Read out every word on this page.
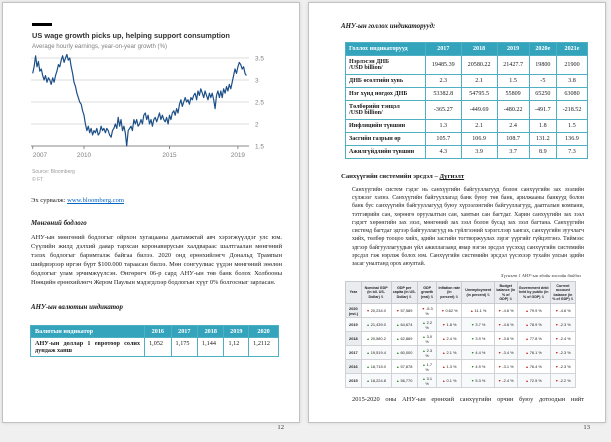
US wage growth picks up, helping support consumption
Average hourly earnings, year-on-year growth (%)
3.5
3
2.5
2
1.5
2007	2010	2015	2019
Source: Bloomberg
© FT
Эх сурвалж: www.bloomberg.com
Мөнгөний бодлого

АНУ-ын мөнгөний бодлогыг ойрхон хугацааны даатамжтай авч хэрэгжүүлдэг улс юм. Сүүлийн жилд дэлхий даяар тархсан коронавирусын халдвараас шалтгаалан мөнгөний тэлэх бодлогыг баримталж байгаа билээ. 2020 онд ерөнхийлөгч Дональд Трампын шийдвэрээр иргэн бүрт $100.000 тараасан билээ. Мөн сонгуулиас үүдэн мөнгөний зөөлөн бодлогыг улам эрчимжүүлсэн. Өнгөрөгч 06-р сард АНУ-ын төв банк болох Холбооны Нөөцийн ерөнхийлөгч Жером Паулын мэдэгдлээр бодлогын хүүг 0% болгосныг зарласан.

АНУ-ын валютын индикатор
Валютын индикатор	2016	2017	2018	2019	2020
АНУ-ын доллар 1 евротоор солих дундаж ханш	1,052	1,175	1,144	1,12	1,2112
12
АНУ-ын голлох индикаторууд:
Голлох индикаторууд	2017	2018	2019	2020e	2021e

Нэрлэсэн ДНБ
/USD billion/	19485.39	20580.22	21427.7	19800	21900

ДНБ өсөлтийн хувь	2.3	2.1	1.5	-5	3.8

Нэг хүнд ногдох ДНБ	53382.8	54795.5	55809	65250	63080

Төлбөрийн тэнцэл
/USD billion/	-365.27	-449.69	-480.22	-491.7	-218.52

Инфляцийн түвшин	1.3	2.1	2.4	1.8	1.5

Засгийн газрын өр	105.7	106.9	108.7	131.2	136.9

Ажилгүйдлийн түвшин	4.3	3.9	3.7	8.9	7.3
Санхүүгийн системийн эрсдэл – Дүгнэлт

Санхүүгийн систем гэдэг нь санхүүгийн байгууллагууд болон санхүүгийн зах зээлийн сүлжээг хэлнэ. Санхүүгийн байгууллагад банк буюу төв банк, арилжааны банкууд болон банк бус санхүүгийн байгууллагууд буюу хүрээлэнгийн байгууллагууд, даатгалын компани, тэтгэврийн сан, хөрөнгө оруулалтын сан, хамтын сан багтдаг. Харин санхүүгийн зах зээл гэдэгт хөрөнгийн зах зээл, мөнгөний зах зээл болон бусад зах зээл багтана. Санхүүгийн системд багтдаг эдгээр байгууллагууд нь гүйлгээний хэрэгслээр хангах, санхүүгийн зуучлагч хийх, төлбөр тооцоо хийх, эдийн засгийн тогтворжуулах зэрэг үүргийг гүйцэтгэнэ. Тиймээс эдгээр байгууллагуудын үйл ажиллагаанд ямар нэгэн эрсдэл үүсэхэд санхүүгийн системийн эрсдэл гэж нэрлэж болох юм. Санхүүгийн системийн эрсдэл үүсэхээр тухайн улсын эдийн засаг уналтанд орох аюултай.

Хүснэгт 1 АНУ-ын эдийн засгийн байдал
Year	Nominal GDP (in bil. US-Dollar)⇅	GDP per capita (in US-Dollar)⇅	GDP growth (real)⇅	Inflation rate (in percent)⇅	Unemployment (in percent)⇅	Budget balance (in % of GDP)⇅	Government debt held by public (in % of GDP)⇅	Current account balance (in % of GDP)⇅
2020 (est.)	▼20,234.0	▼57,589	▼-5.3 %	▼0.62 %	▲11.1 %	▼-4.6 %	▲79.9 %	▼-4.6 %
2019	▲21,439.0	▲64,674	▲2.2 %	▼1.8 %	▼3.7 %	▼-4.6 %	▲78.9 %	▼-2.3 %
2018	▲20,580.2	▲62,869	▲3.0 %	▲2.4 %	▼3.9 %	▼-3.8 %	▲77.8 %	▼-2.4 %
2017	▲19,519.4	▲60,000	▲2.3 %	▲2.1 %	▼4.4 %	▼-3.4 %	▲76.1 %	▼-2.3 %
2016	▲18,715.0	▲57,878	▲1.7 %	▲1.3 %	▼4.9 %	▼-3.1 %	▲76.4 %	▼-2.3 %
2015	▲18,224.8	▲56,770	▲3.1 %	▲0.1 %	▼5.3 %	▼-2.4 %	▲72.5 %	▼-2.2 %

2015-2020 оны АНУ-ын ерөнхий санхүүгийн орчин буюу дотоодын нийт

13
